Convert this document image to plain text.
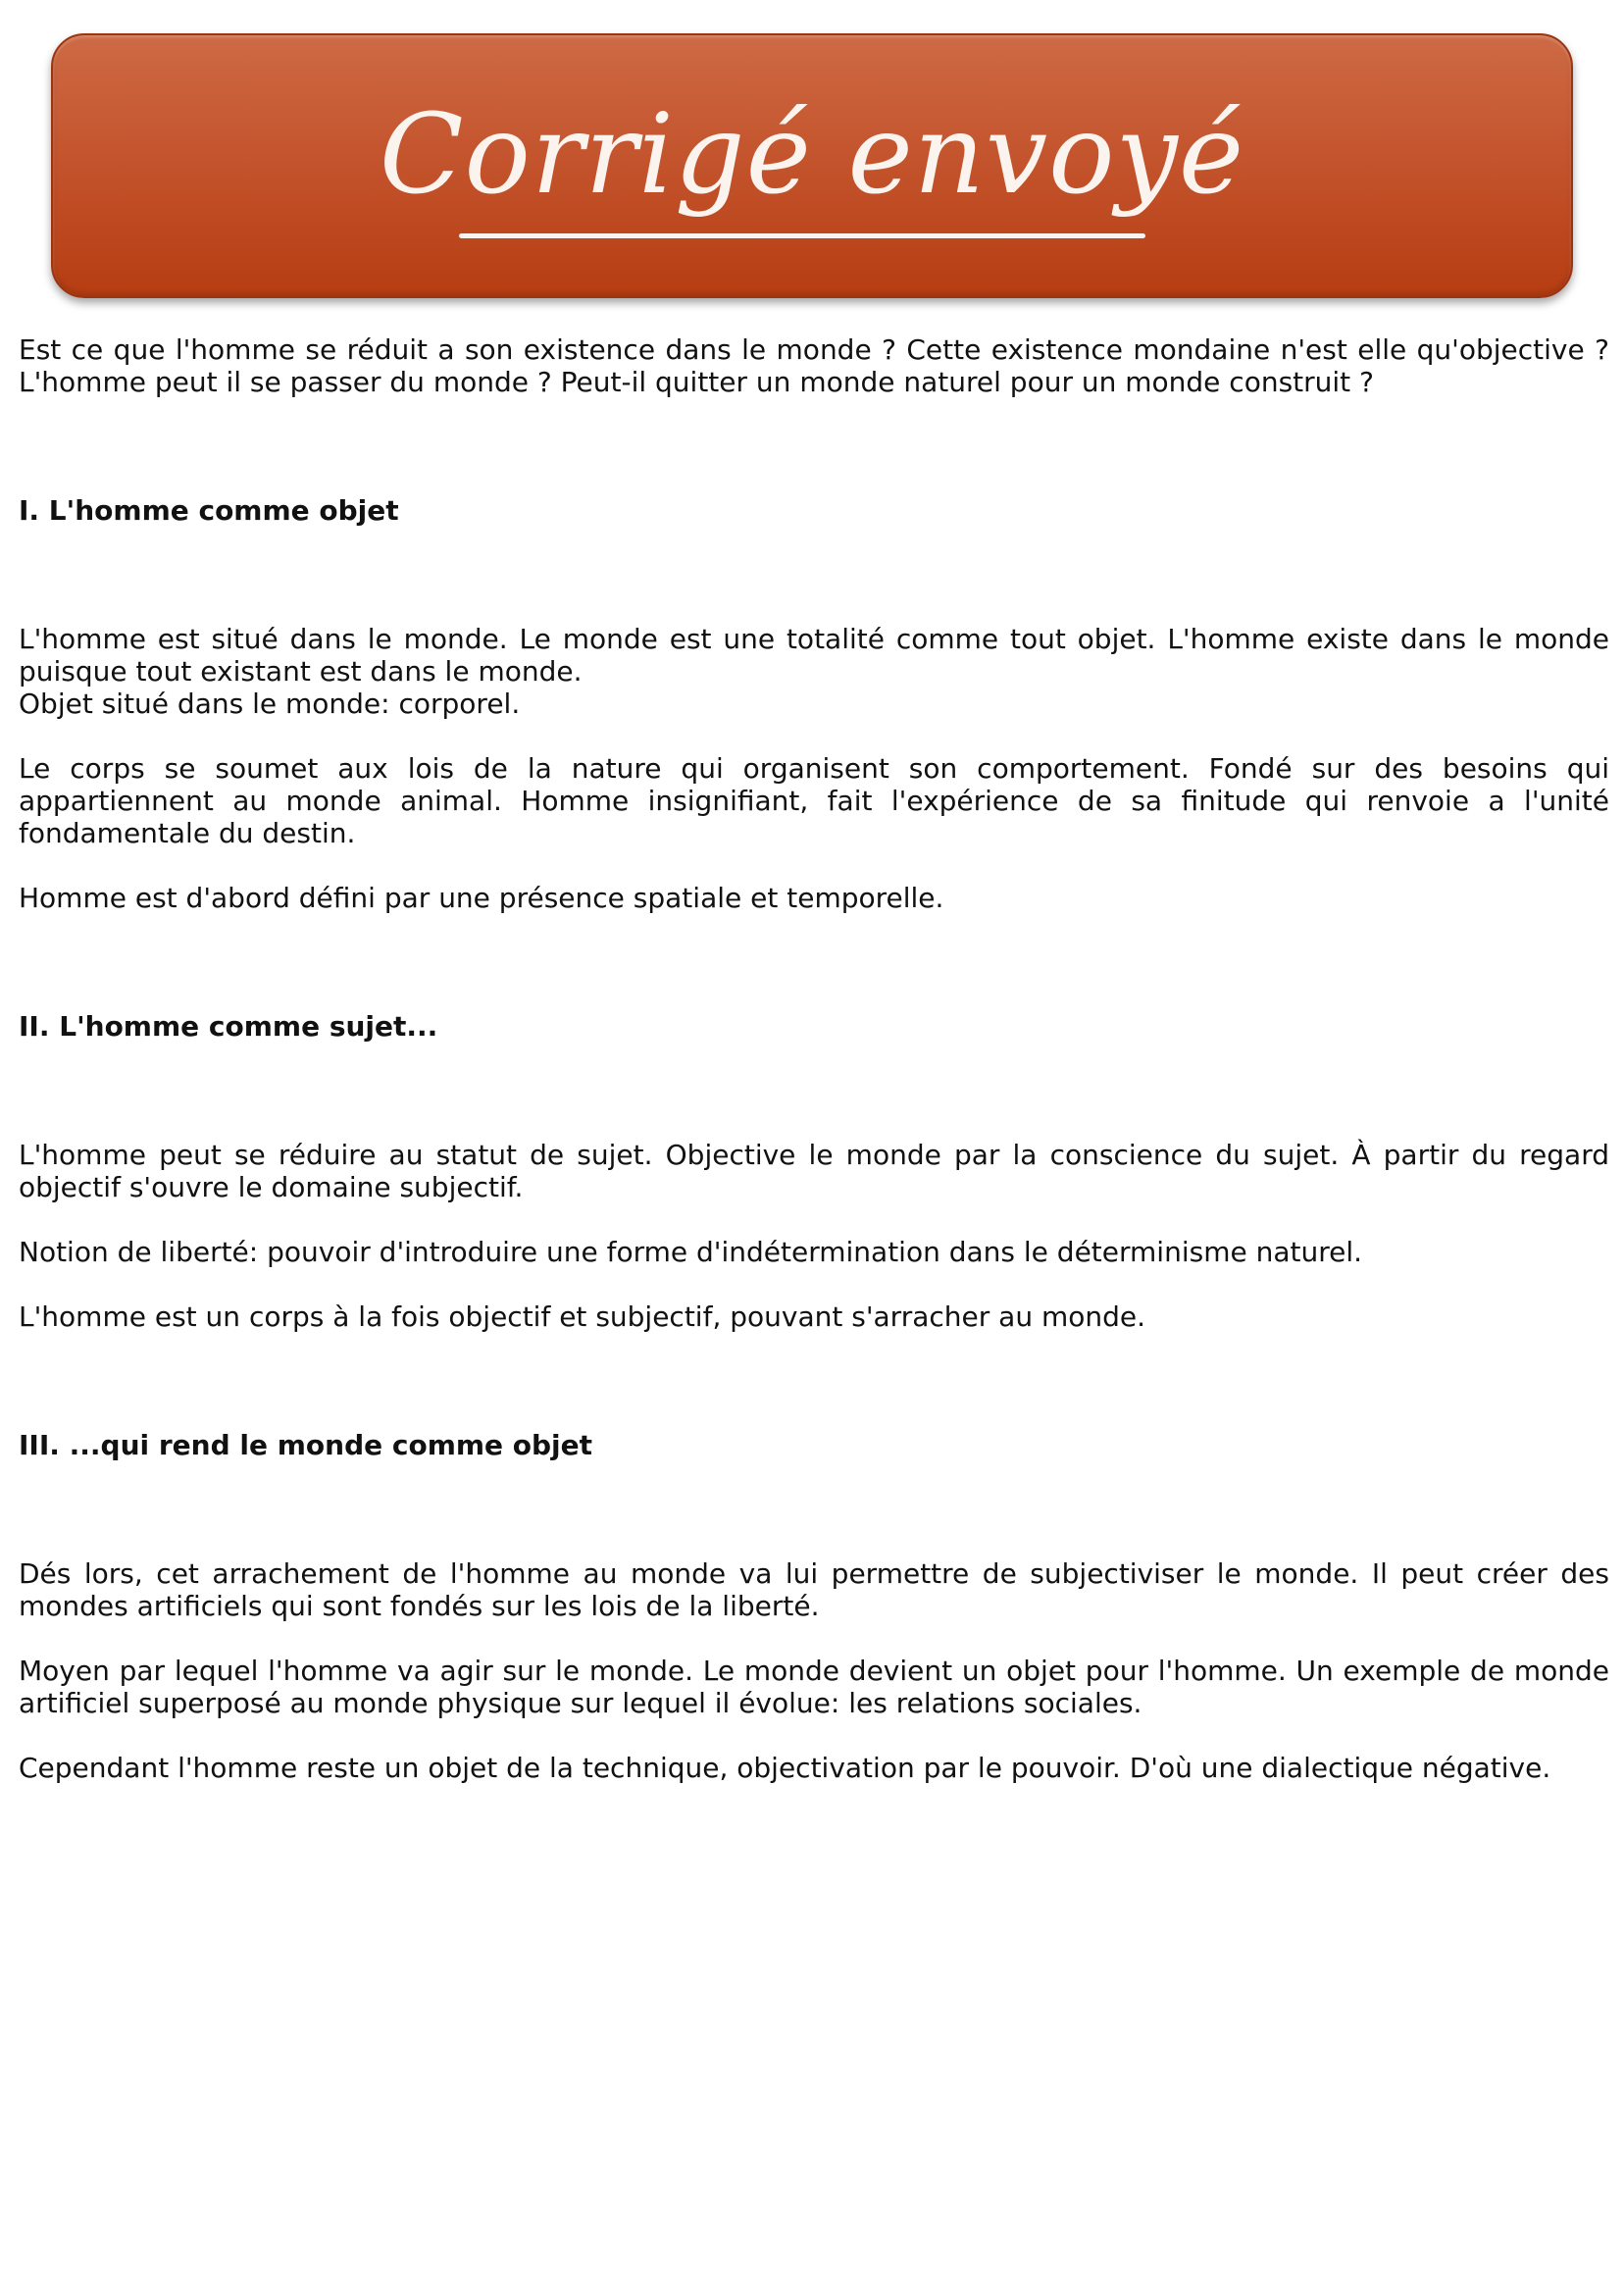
Corrigé envoyé

Est ce que l'homme se réduit a son existence dans le monde ? Cette existence mondaine n'est elle qu'objective ? L'homme peut il se passer du monde ? Peut-il quitter un monde naturel pour un monde construit ?

I. L'homme comme objet

L'homme est situé dans le monde. Le monde est une totalité comme tout objet. L'homme existe dans le monde puisque tout existant est dans le monde.

Objet situé dans le monde: corporel.

Le corps se soumet aux lois de la nature qui organisent son comportement. Fondé sur des besoins qui appartiennent au monde animal. Homme insignifiant, fait l'expérience de sa finitude qui renvoie a l'unité fondamentale du destin.

Homme est d'abord défini par une présence spatiale et temporelle.

II. L'homme comme sujet...

L'homme peut se réduire au statut de sujet. Objective le monde par la conscience du sujet. À partir du regard objectif s'ouvre le domaine subjectif.

Notion de liberté: pouvoir d'introduire une forme d'indétermination dans le déterminisme naturel.

L'homme est un corps à la fois objectif et subjectif, pouvant s'arracher au monde.

III. ...qui rend le monde comme objet

Dés lors, cet arrachement de l'homme au monde va lui permettre de subjectiviser le monde. Il peut créer des mondes artificiels qui sont fondés sur les lois de la liberté.

Moyen par lequel l'homme va agir sur le monde. Le monde devient un objet pour l'homme. Un exemple de monde artificiel superposé au monde physique sur lequel il évolue: les relations sociales.

Cependant l'homme reste un objet de la technique, objectivation par le pouvoir. D'où une dialectique négative.
